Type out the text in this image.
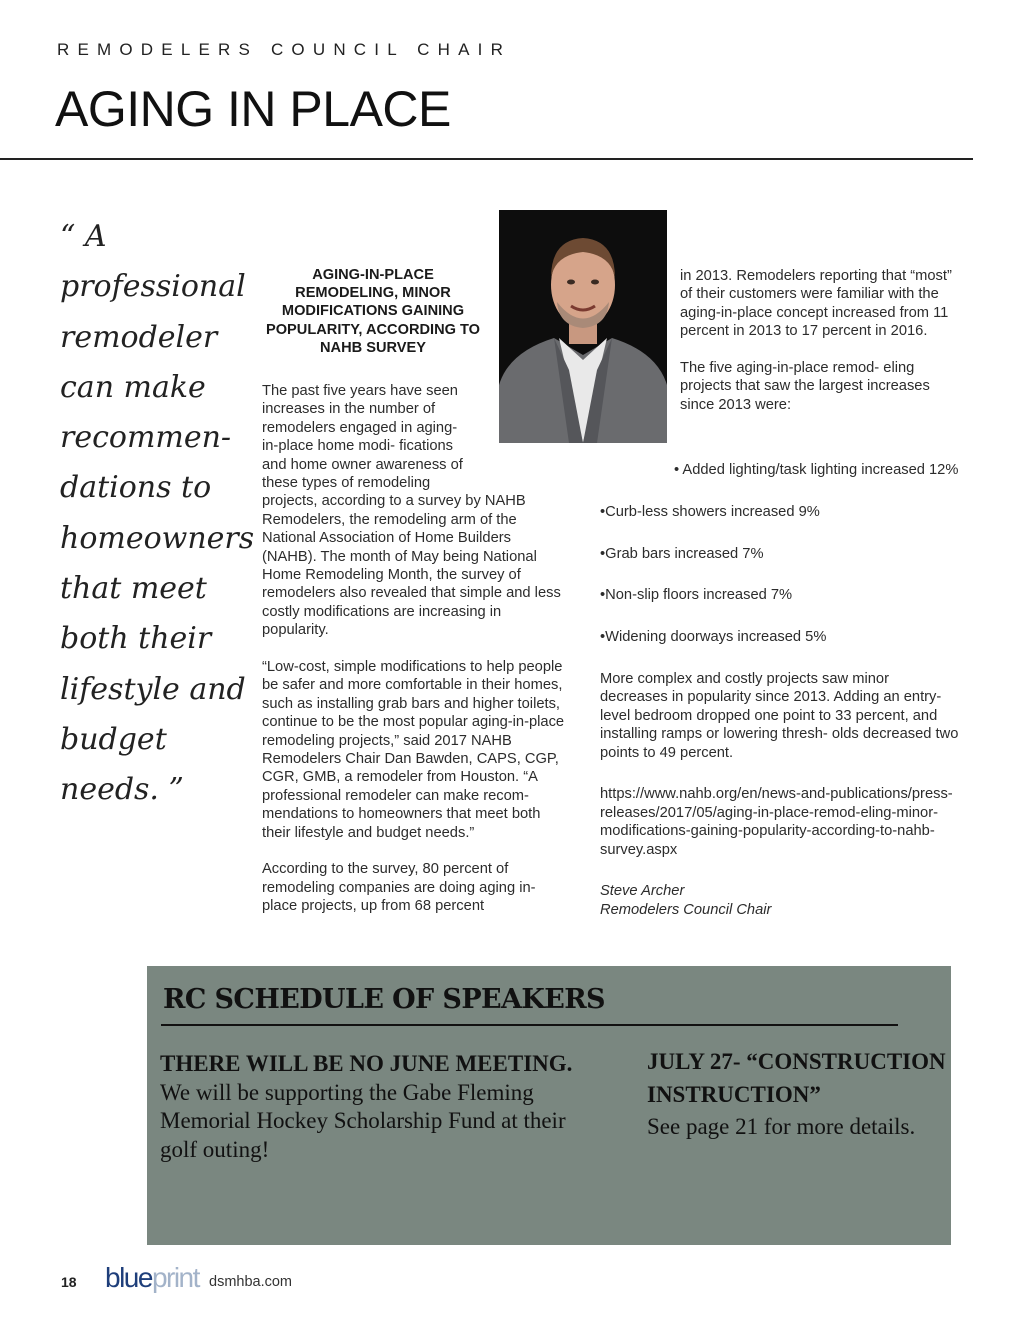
REMODELERS COUNCIL CHAIR
AGING IN PLACE
“ A professional remodeler can make recommen- dations to homeowners that meet both their lifestyle and budget needs. ”
AGING-IN-PLACE REMODELING, MINOR MODIFICATIONS GAINING POPULARITY, ACCORDING TO NAHB SURVEY

The past five years have seen increases in the number of remodelers engaged in aging-in-place home modi- fications and home owner awareness of these types of remodeling projects, according to a survey by NAHB Remodelers, the remodeling arm of the National Association of Home Builders (NAHB). The month of May being National Home Remodeling Month, the survey of remodelers also revealed that simple and less costly modifications are increasing in popularity.

“Low-cost, simple modifications to help people be safer and more comfortable in their homes, such as installing grab bars and higher toilets, continue to be the most popular aging-in-place remodeling projects,” said 2017 NAHB Remodelers Chair Dan Bawden, CAPS, CGP, CGR, GMB, a remodeler from Houston. “A professional remodeler can make recom- mendations to homeowners that meet both their lifestyle and budget needs.”

According to the survey, 80 percent of remodeling companies are doing aging in-place projects, up from 68 percent

in 2013. Remodelers reporting that “most” of their customers were familiar with the aging-in-place concept increased from 11 percent in 2013 to 17 percent in 2016.

The five aging-in-place remod- eling projects that saw the largest increases since 2013 were:

• Added lighting/task lighting increased 12%

•Curb-less showers increased 9%

•Grab bars increased 7%

•Non-slip floors increased 7%

•Widening doorways increased 5%

More complex and costly projects saw minor decreases in popularity since 2013. Adding an entry-level bedroom dropped one point to 33 percent, and installing ramps or lowering thresh- olds decreased two points to 49 percent.

https://www.nahb.org/en/news-and-publications/press-releases/2017/05/aging-in-place-remod-eling-minor-modifications-gaining-popularity-according-to-nahb-survey.aspx

Steve Archer
Remodelers Council Chair

RC SCHEDULE OF SPEAKERS
THERE WILL BE NO JUNE MEETING.
We will be supporting the Gabe Fleming Memorial Hockey Scholarship Fund at their golf outing!
JULY 27- “CONSTRUCTION INSTRUCTION”
See page 21 for more details.
18 blueprint dsmhba.com
